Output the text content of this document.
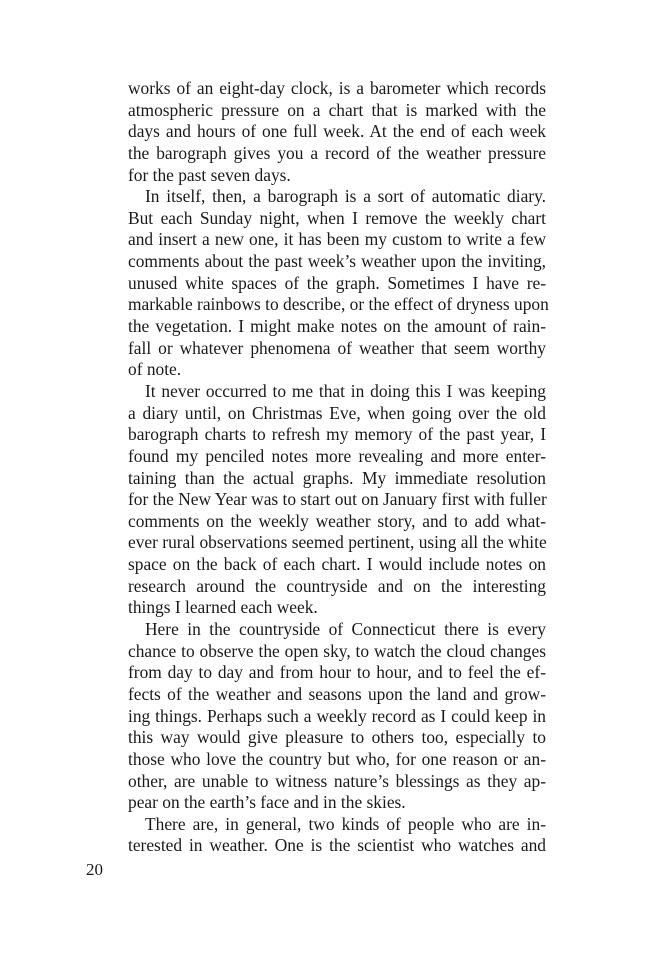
works of an eight-day clock, is a barometer which records
atmospheric pressure on a chart that is marked with the
days and hours of one full week. At the end of each week
the barograph gives you a record of the weather pressure
for the past seven days.
In itself, then, a barograph is a sort of automatic diary.
But each Sunday night, when I remove the weekly chart
and insert a new one, it has been my custom to write a few
comments about the past week’s weather upon the inviting,
unused white spaces of the graph. Sometimes I have re-
markable rainbows to describe, or the effect of dryness upon
the vegetation. I might make notes on the amount of rain-
fall or whatever phenomena of weather that seem worthy
of note.
It never occurred to me that in doing this I was keeping
a diary until, on Christmas Eve, when going over the old
barograph charts to refresh my memory of the past year, I
found my penciled notes more revealing and more enter-
taining than the actual graphs. My immediate resolution
for the New Year was to start out on January first with fuller
comments on the weekly weather story, and to add what-
ever rural observations seemed pertinent, using all the white
space on the back of each chart. I would include notes on
research around the countryside and on the interesting
things I learned each week.
Here in the countryside of Connecticut there is every
chance to observe the open sky, to watch the cloud changes
from day to day and from hour to hour, and to feel the ef-
fects of the weather and seasons upon the land and grow-
ing things. Perhaps such a weekly record as I could keep in
this way would give pleasure to others too, especially to
those who love the country but who, for one reason or an-
other, are unable to witness nature’s blessings as they ap-
pear on the earth’s face and in the skies.
There are, in general, two kinds of people who are in-
terested in weather. One is the scientist who watches and
20
